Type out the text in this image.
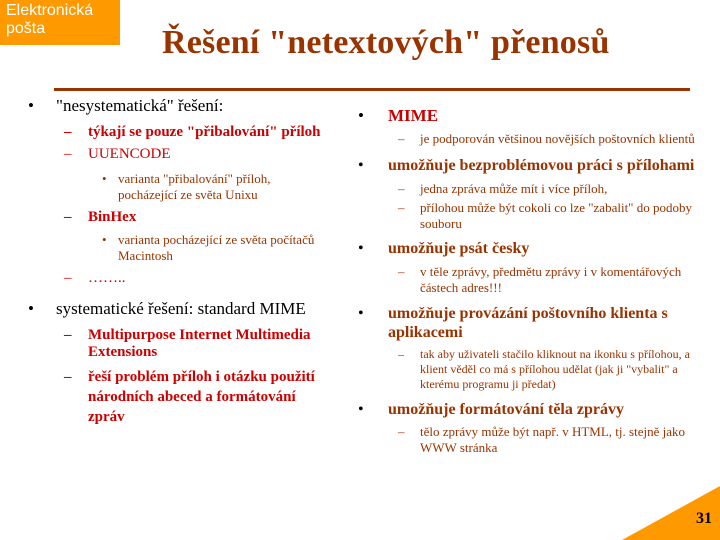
Elektronická
pošta	Řešení "netextových" přenosů
• "nesystematická" řešení:
– týkají se pouze "přibalování" příloh
– UUENCODE
• varianta "přibalování" příloh, pocházející ze světa Unixu
– BinHex
• varianta pocházející ze světa počítačů Macintosh
– ……..
• systematické řešení: standard MIME
– Multipurpose Internet Multimedia Extensions
– řeší problém příloh i otázku použití národních abeced a formátování zpráv
• MIME
– je podporován většinou novějších poštovních klientů
• umožňuje bezproblémovou práci s přílohami
– jedna zpráva může mít i více příloh,
– přílohou může být cokoli co lze "zabalit" do podoby souboru
• umožňuje psát česky
– v těle zprávy, předmětu zprávy i v komentářových částech adres!!!
• umožňuje provázání poštovního klienta s aplikacemi
– tak aby uživateli stačilo kliknout na ikonku s přílohou, a klient věděl co má s přílohou udělat (jak ji "vybalit" a kterému programu ji předat)
• umožňuje formátování těla zprávy
– tělo zprávy může být např. v HTML, tj. stejně jako WWW stránka
31
